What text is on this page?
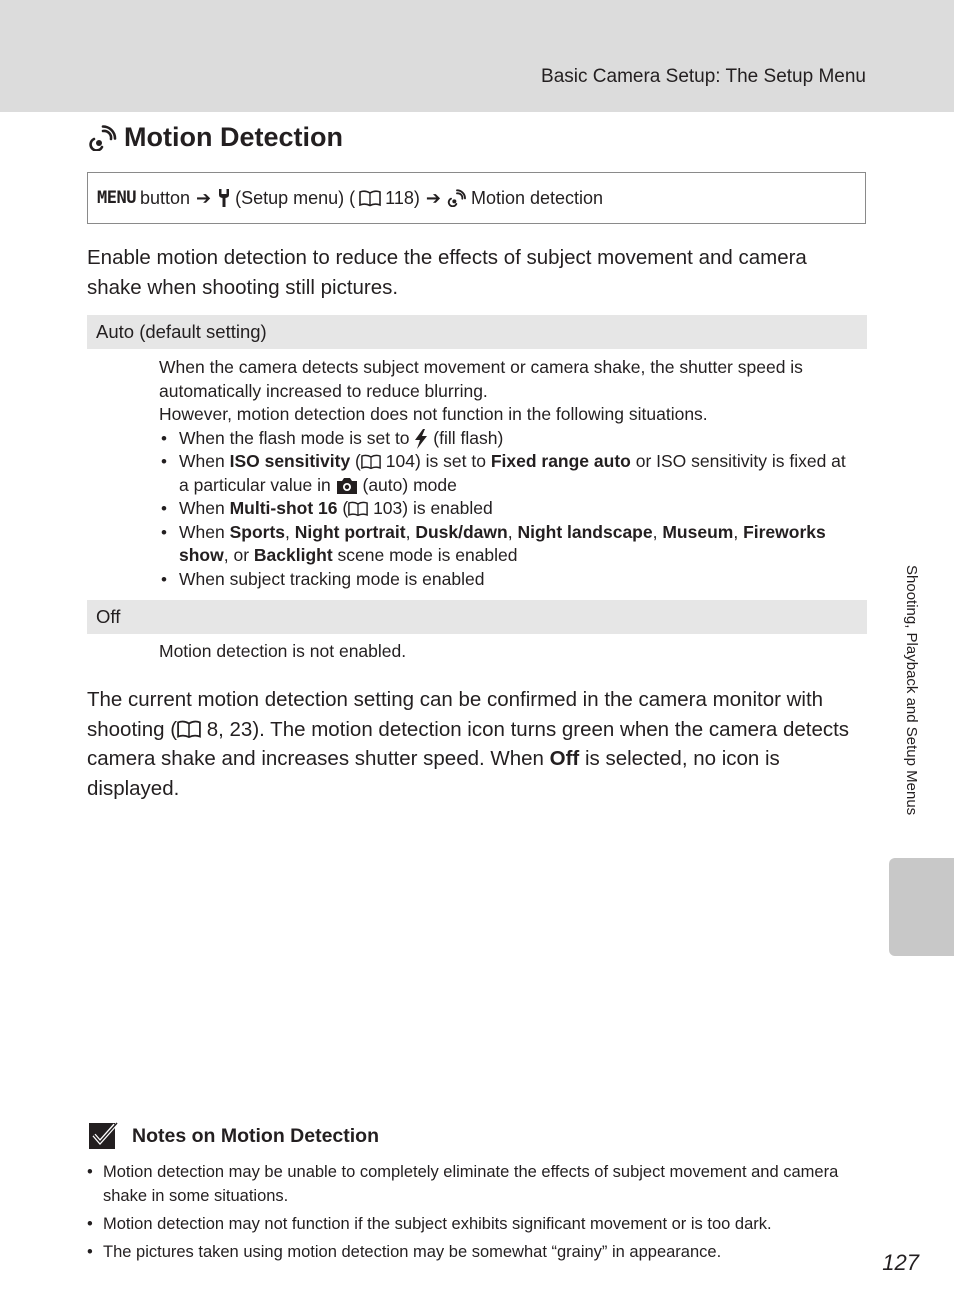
Basic Camera Setup: The Setup Menu
Motion Detection
MENU button ➔ (Setup menu) ( 118) ➔ Motion detection
Enable motion detection to reduce the effects of subject movement and camera shake when shooting still pictures.
Auto (default setting)

When the camera detects subject movement or camera shake, the shutter speed is automatically increased to reduce blurring.

However, motion detection does not function in the following situations.

• When the flash mode is set to  (fill flash)
• When ISO sensitivity ( 104) is set to Fixed range auto or ISO sensitivity is fixed at a particular value in  (auto) mode
• When Multi-shot 16 ( 103) is enabled
• When Sports, Night portrait, Dusk/dawn, Night landscape, Museum, Fireworks show, or Backlight scene mode is enabled
• When subject tracking mode is enabled
Off
Motion detection is not enabled.
The current motion detection setting can be confirmed in the camera monitor with shooting ( 8, 23). The motion detection icon turns green when the camera detects camera shake and increases shutter speed. When Off is selected, no icon is displayed.
Notes on Motion Detection
• Motion detection may be unable to completely eliminate the effects of subject movement and camera shake in some situations.
• Motion detection may not function if the subject exhibits significant movement or is too dark.
• The pictures taken using motion detection may be somewhat “grainy” in appearance.
Shooting, Playback and Setup Menus
127
